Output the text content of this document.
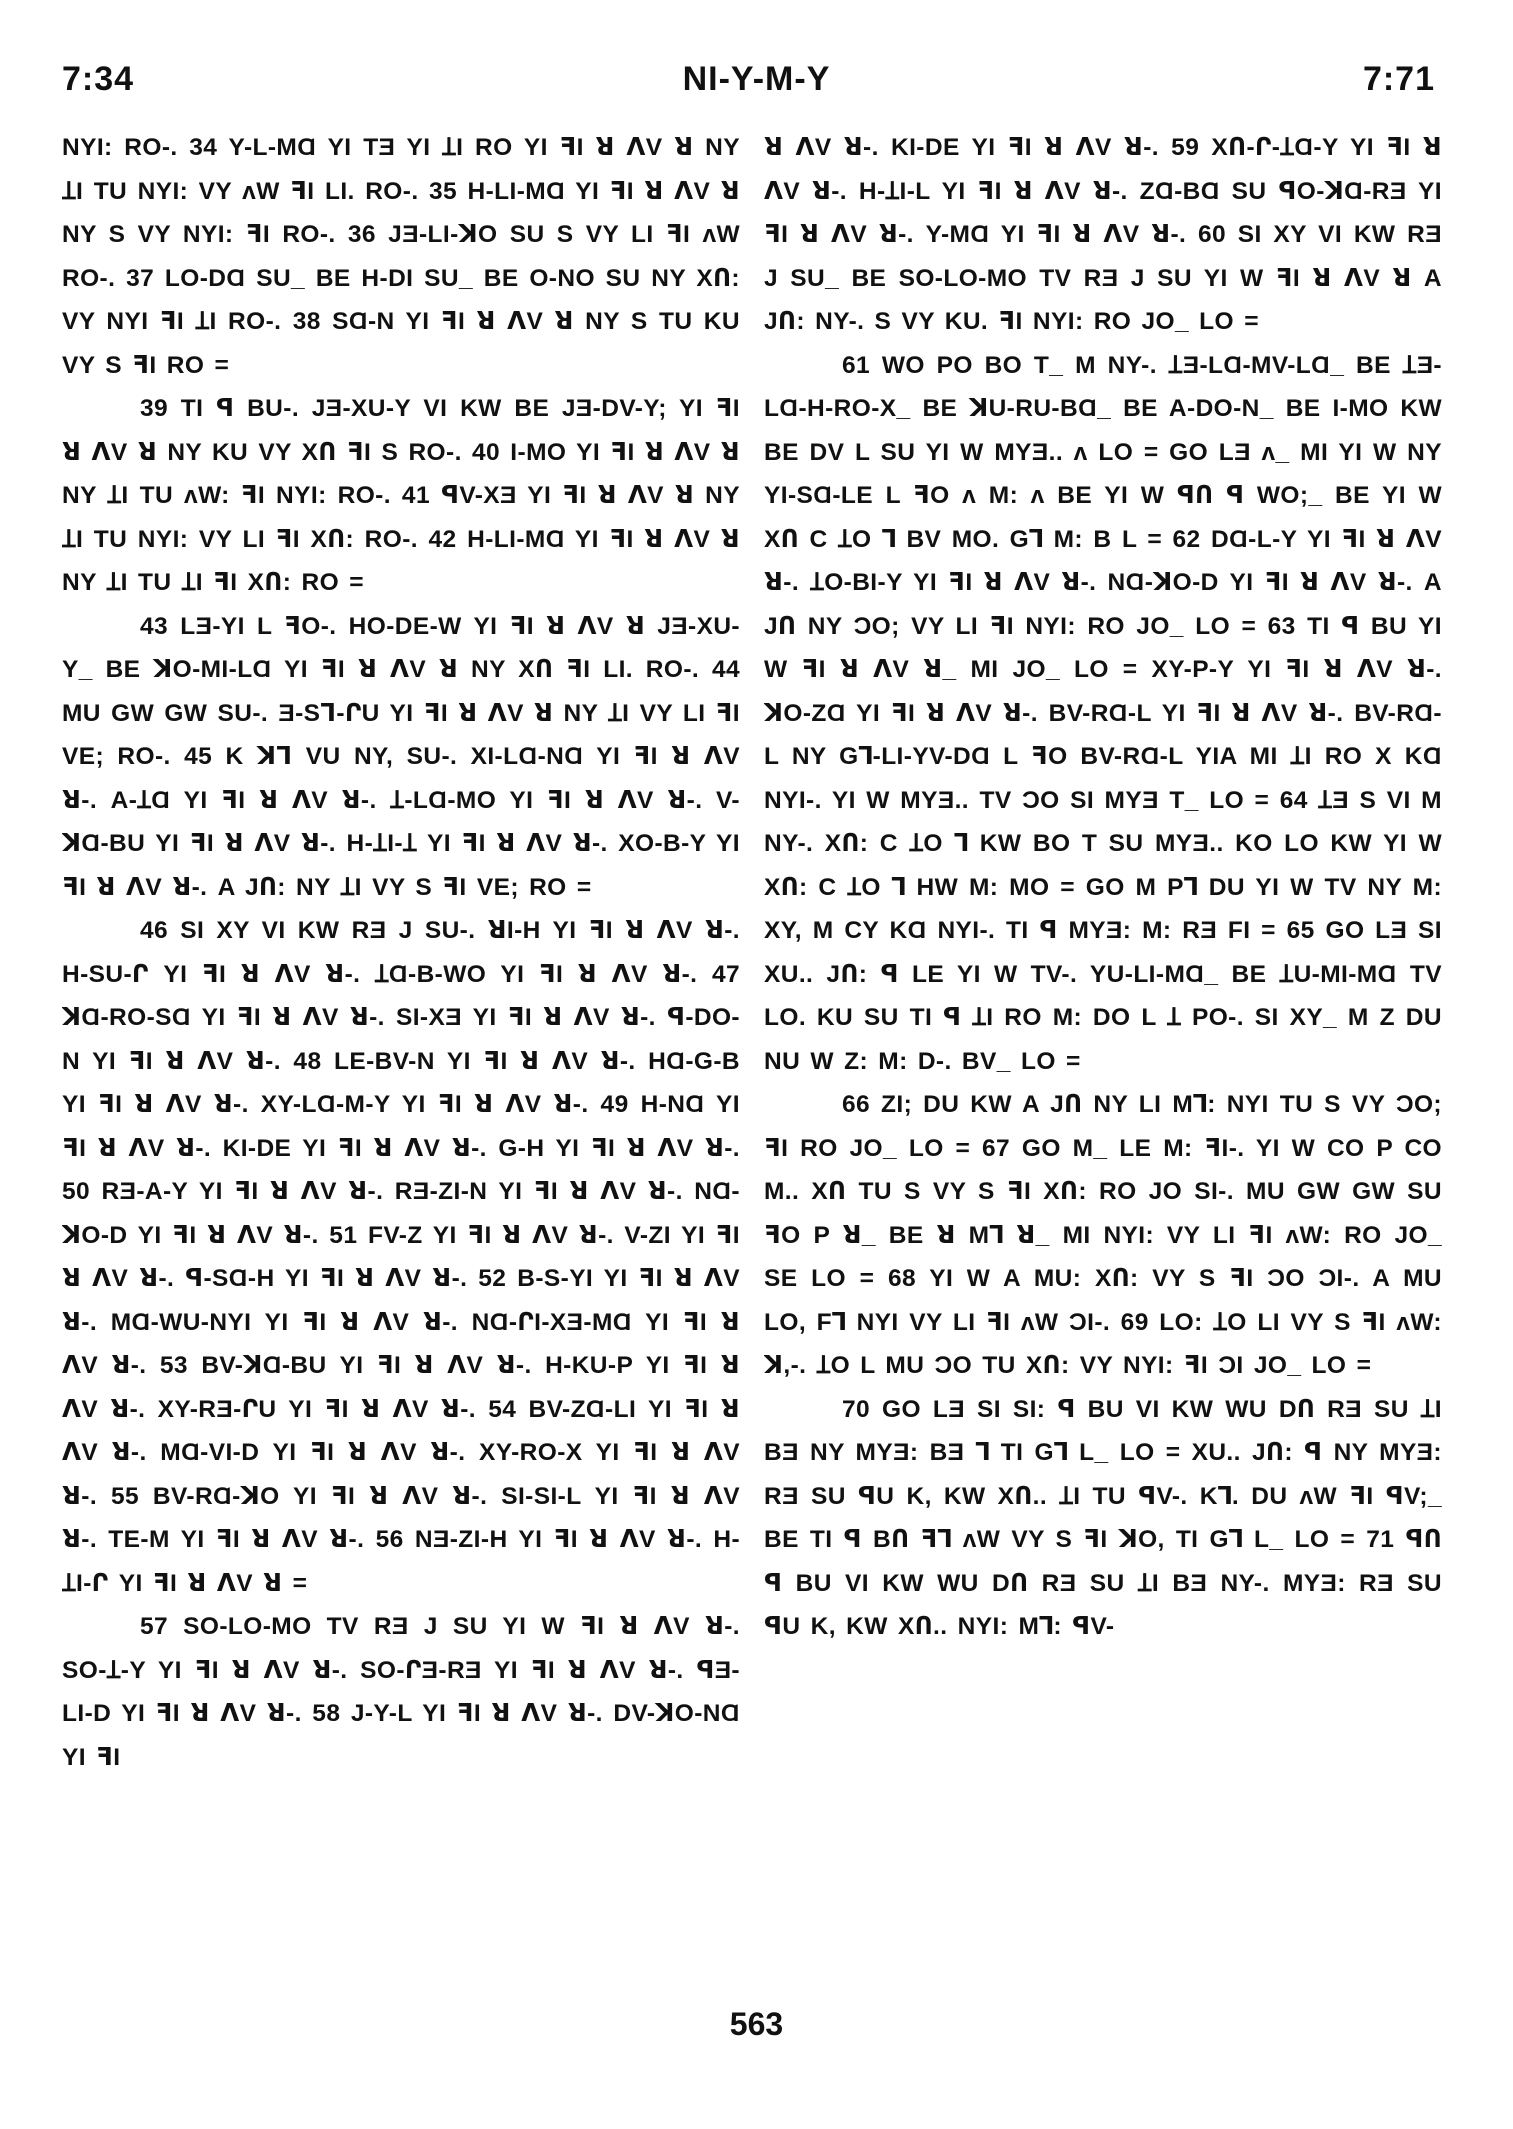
7:34	NI-Y-M-Y	7:71

NYI: RO-. 34 Y-L-MⱭ YI TƎ YI ꞱI RO YI ꟻI ꓤ ꓥV ꓤ NY ꞱI TU NYI: VY ʌW ꟻI LI. RO-. 35 H-LI-MⱭ YI ꟻI ꓤ ꓥV ꓤ NY S VY NYI: ꟻI RO-. 36 JƎ-LI-ꓘO SU S VY LI ꟻI ʌW RO-. 37 LO-DⱭ SU_ BE H-DI SU_ BE O-NO SU NY XՈ: VY NYI ꟻI ꞱI RO-. 38 SⱭ-N YI ꟻI ꓤ ꓥV ꓤ NY S TU KU VY S ꟻI RO =

39 TI ꟼ BU-. JƎ-XU-Y VI KW BE JƎ-DV-Y; YI ꟻI ꓤ ꓥV ꓤ NY KU VY XՈ ꟻI S RO-. 40 I-MO YI ꟻI ꓤ ꓥV ꓤ NY ꞱI TU ʌW: ꟻI NYI: RO-. 41 ꟼV-XƎ YI ꟻI ꓤ ꓥV ꓤ NY ꞱI TU NYI: VY LI ꟻI XՈ: RO-. 42 H-LI-MⱭ YI ꟻI ꓤ ꓥV ꓤ NY ꞱI TU ꞱI ꟻI XՈ: RO =

43 LƎ-YI L ꟻO-. HO-DE-W YI ꟻI ꓤ ꓥV ꓤ JƎ-XU-Y_ BE ꓘO-MI-LⱭ YI ꟻI ꓤ ꓥV ꓤ NY XՈ ꟻI LI. RO-. 44 MU GW GW SU-. Ǝ-SꞀ-ՐU YI ꟻI ꓤ ꓥV ꓤ NY ꞱI VY LI ꟻI VE; RO-. 45 K ꓘꞀ VU NY, SU-. XI-LⱭ-NⱭ YI ꟻI ꓤ ꓥV ꓤ-. A-ꞱⱭ YI ꟻI ꓤ ꓥV ꓤ-. Ʇ-LⱭ-MO YI ꟻI ꓤ ꓥV ꓤ-. V-ꓘⱭ-BU YI ꟻI ꓤ ꓥV ꓤ-. H-ꞱI-Ʇ YI ꟻI ꓤ ꓥV ꓤ-. XO-B-Y YI ꟻI ꓤ ꓥV ꓤ-. A JՈ: NY ꞱI VY S ꟻI VE; RO =

46 SI XY VI KW RƎ J SU-. ꓤI-H YI ꟻI ꓤ ꓥV ꓤ-. H-SU-Ր YI ꟻI ꓤ ꓥV ꓤ-. ꞱⱭ-B-WO YI ꟻI ꓤ ꓥV ꓤ-. 47 ꓘⱭ-RO-SⱭ YI ꟻI ꓤ ꓥV ꓤ-. SI-XƎ YI ꟻI ꓤ ꓥV ꓤ-. ꟼ-DO-N YI ꟻI ꓤ ꓥV ꓤ-. 48 LE-BV-N YI ꟻI ꓤ ꓥV ꓤ-. HⱭ-G-B YI ꟻI ꓤ ꓥV ꓤ-. XY-LⱭ-M-Y YI ꟻI ꓤ ꓥV ꓤ-. 49 H-NⱭ YI ꟻI ꓤ ꓥV ꓤ-. KI-DE YI ꟻI ꓤ ꓥV ꓤ-. G-H YI ꟻI ꓤ ꓥV ꓤ-. 50 RƎ-A-Y YI ꟻI ꓤ ꓥV ꓤ-. RƎ-ZI-N YI ꟻI ꓤ ꓥV ꓤ-. NⱭ-ꓘO-D YI ꟻI ꓤ ꓥV ꓤ-. 51 FV-Z YI ꟻI ꓤ ꓥV ꓤ-. V-ZI YI ꟻI ꓤ ꓥV ꓤ-. ꟼ-SⱭ-H YI ꟻI ꓤ ꓥV ꓤ-. 52 B-S-YI YI ꟻI ꓤ ꓥV ꓤ-. MⱭ-WU-NYI YI ꟻI ꓤ ꓥV ꓤ-. NⱭ-ՐI-XƎ-MⱭ YI ꟻI ꓤ ꓥV ꓤ-. 53 BV-ꓘⱭ-BU YI ꟻI ꓤ ꓥV ꓤ-. H-KU-P YI ꟻI ꓤ ꓥV ꓤ-. XY-RƎ-ՐU YI ꟻI ꓤ ꓥV ꓤ-. 54 BV-ZⱭ-LI YI ꟻI ꓤ ꓥV ꓤ-. MⱭ-VI-D YI ꟻI ꓤ ꓥV ꓤ-. XY-RO-X YI ꟻI ꓤ ꓥV ꓤ-. 55 BV-RⱭ-ꓘO YI ꟻI ꓤ ꓥV ꓤ-. SI-SI-L YI ꟻI ꓤ ꓥV ꓤ-. TE-M YI ꟻI ꓤ ꓥV ꓤ-. 56 NƎ-ZI-H YI ꟻI ꓤ ꓥV ꓤ-. H-ꞱI-Ր YI ꟻI ꓤ ꓥV ꓤ =

57 SO-LO-MO TV RƎ J SU YI W ꟻI ꓤ ꓥV ꓤ-. SO-Ʇ-Y YI ꟻI ꓤ ꓥV ꓤ-. SO-ՐƎ-RƎ YI ꟻI ꓤ ꓥV ꓤ-. ꟼƎ-LI-D YI ꟻI ꓤ ꓥV ꓤ-. 58 J-Y-L YI ꟻI ꓤ ꓥV ꓤ-. DV-ꓘO-NⱭ YI ꟻI

ꓤ ꓥV ꓤ-. KI-DE YI ꟻI ꓤ ꓥV ꓤ-. 59 XՈ-Ր-ꞱⱭ-Y YI ꟻI ꓤ ꓥV ꓤ-. H-ꞱI-L YI ꟻI ꓤ ꓥV ꓤ-. ZⱭ-BⱭ SU ꟼO-ꓘⱭ-RƎ YI ꟻI ꓤ ꓥV ꓤ-. Y-MⱭ YI ꟻI ꓤ ꓥV ꓤ-. 60 SI XY VI KW RƎ J SU_ BE SO-LO-MO TV RƎ J SU YI W ꟻI ꓤ ꓥV ꓤ A JՈ: NY-. S VY KU. ꟻI NYI: RO JO_ LO =

61 WO PO BO T_ M NY-. ꞱƎ-LⱭ-MV-LⱭ_ BE ꞱƎ-LⱭ-H-RO-X_ BE ꓘU-RU-BⱭ_ BE A-DO-N_ BE I-MO KW BE DV L SU YI W MYƎ.. ʌ LO = GO LƎ ʌ_ MI YI W NY YI-SⱭ-LE L ꟻO ʌ M: ʌ BE YI W ꟼՈ ꟼ WO;_ BE YI W XՈ C ꞱO ꓶ BV MO. Gꓶ M: B L = 62 DⱭ-L-Y YI ꟻI ꓤ ꓥV ꓤ-. ꞱO-BI-Y YI ꟻI ꓤ ꓥV ꓤ-. NⱭ-ꓘO-D YI ꟻI ꓤ ꓥV ꓤ-. A JՈ NY ƆO; VY LI ꟻI NYI: RO JO_ LO = 63 TI ꟼ BU YI W ꟻI ꓤ ꓥV ꓤ_ MI JO_ LO = XY-P-Y YI ꟻI ꓤ ꓥV ꓤ-. ꓘO-ZⱭ YI ꟻI ꓤ ꓥV ꓤ-. BV-RⱭ-L YI ꟻI ꓤ ꓥV ꓤ-. BV-RⱭ-L NY Gꓶ-LI-YV-DⱭ L ꟻO BV-RⱭ-L YIA MI ꞱI RO X KⱭ NYI-. YI W MYƎ.. TV ƆO SI MYƎ T_ LO = 64 ꞱƎ S VI M NY-. XՈ: C ꞱO ꓶ KW BO T SU MYƎ.. KO LO KW YI W XՈ: C ꞱO ꓶ HW M: MO = GO M Pꓶ DU YI W TV NY M: XY, M CY KⱭ NYI-. TI ꟼ MYƎ: M: RƎ FI = 65 GO LƎ SI XU.. JՈ: ꟼ LE YI W TV-. YU-LI-MⱭ_ BE ꞱU-MI-MⱭ TV LO. KU SU TI ꟼ ꞱI RO M: DO L Ʇ PO-. SI XY_ M Z DU NU W Z: M: D-. BV_ LO =

66 ZI; DU KW A JՈ NY LI Mꓶ: NYI TU S VY ƆO; ꟻI RO JO_ LO = 67 GO M_ LE M: ꟻI-. YI W CO P CO M.. XՈ TU S VY S ꟻI XՈ: RO JO SI-. MU GW GW SU ꟻO P ꓤ_ BE ꓤ Mꓶ ꓤ_ MI NYI: VY LI ꟻI ʌW: RO JO_ SE LO = 68 YI W A MU: XՈ: VY S ꟻI ƆO ƆI-. A MU LO, Fꓶ NYI VY LI ꟻI ʌW ƆI-. 69 LO: ꞱO LI VY S ꟻI ʌW: ꓘ,-. ꞱO L MU ƆO TU XՈ: VY NYI: ꟻI ƆI JO_ LO =

70 GO LƎ SI SI: ꟼ BU VI KW WU DՈ RƎ SU ꞱI BƎ NY MYƎ: BƎ ꓶ TI Gꓶ L_ LO = XU.. JՈ: ꟼ NY MYƎ: RƎ SU ꟼU K, KW XՈ.. ꞱI TU ꟼV-. Kꓶ. DU ʌW ꟻI ꟼV;_ BE TI ꟼ BՈ ꟻꓶ ʌW VY S ꟻI ꓘO, TI Gꓶ L_ LO = 71 ꟼՈ ꟼ BU VI KW WU DՈ RƎ SU ꞱI BƎ NY-. MYƎ: RƎ SU ꟼU K, KW XՈ.. NYI: Mꓶ: ꟼV-

563
